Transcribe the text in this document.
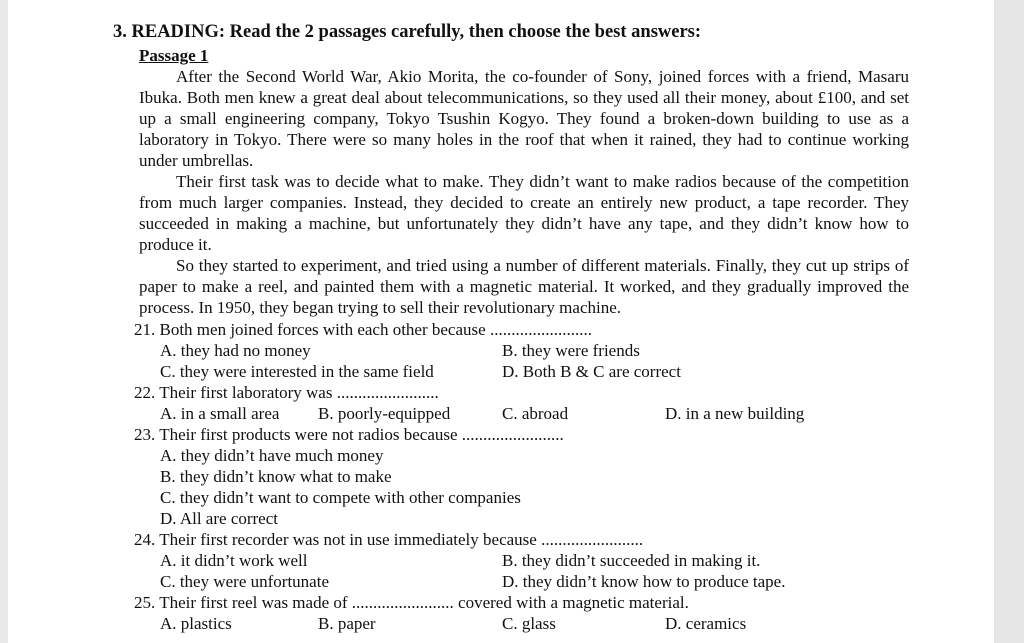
3. READING: Read the 2 passages carefully, then choose the best answers:
Passage 1

After the Second World War, Akio Morita, the co-founder of Sony, joined forces with a friend, Masaru Ibuka. Both men knew a great deal about telecommunications, so they used all their money, about £100, and set up a small engineering company, Tokyo Tsushin Kogyo. They found a broken-down building to use as a laboratory in Tokyo. There were so many holes in the roof that when it rained, they had to continue working under umbrellas.

Their first task was to decide what to make. They didn’t want to make radios because of the competition from much larger companies. Instead, they decided to create an entirely new product, a tape recorder. They succeeded in making a machine, but unfortunately they didn’t have any tape, and they didn’t know how to produce it.

So they started to experiment, and tried using a number of different materials. Finally, they cut up strips of paper to make a reel, and painted them with a magnetic material. It worked, and they gradually improved the process. In 1950, they began trying to sell their revolutionary machine.

21. Both men joined forces with each other because ........................
A. they had no money	B. they were friends
C. they were interested in the same field	D. Both B & C are correct
22. Their first laboratory was ........................
A. in a small area B. poorly-equipped	C. abroad	D. in a new building
23. Their first products were not radios because ........................
A. they didn’t have much money
B. they didn’t know what to make
C. they didn’t want to compete with other companies
D. All are correct
24. Their first recorder was not in use immediately because ........................
A. it didn’t work well	B. they didn’t succeeded in making it.
C. they were unfortunate	D. they didn’t know how to produce tape.
25. Their first reel was made of ........................ covered with a magnetic material.
A. plastics	B. paper	C. glass	D. ceramics
